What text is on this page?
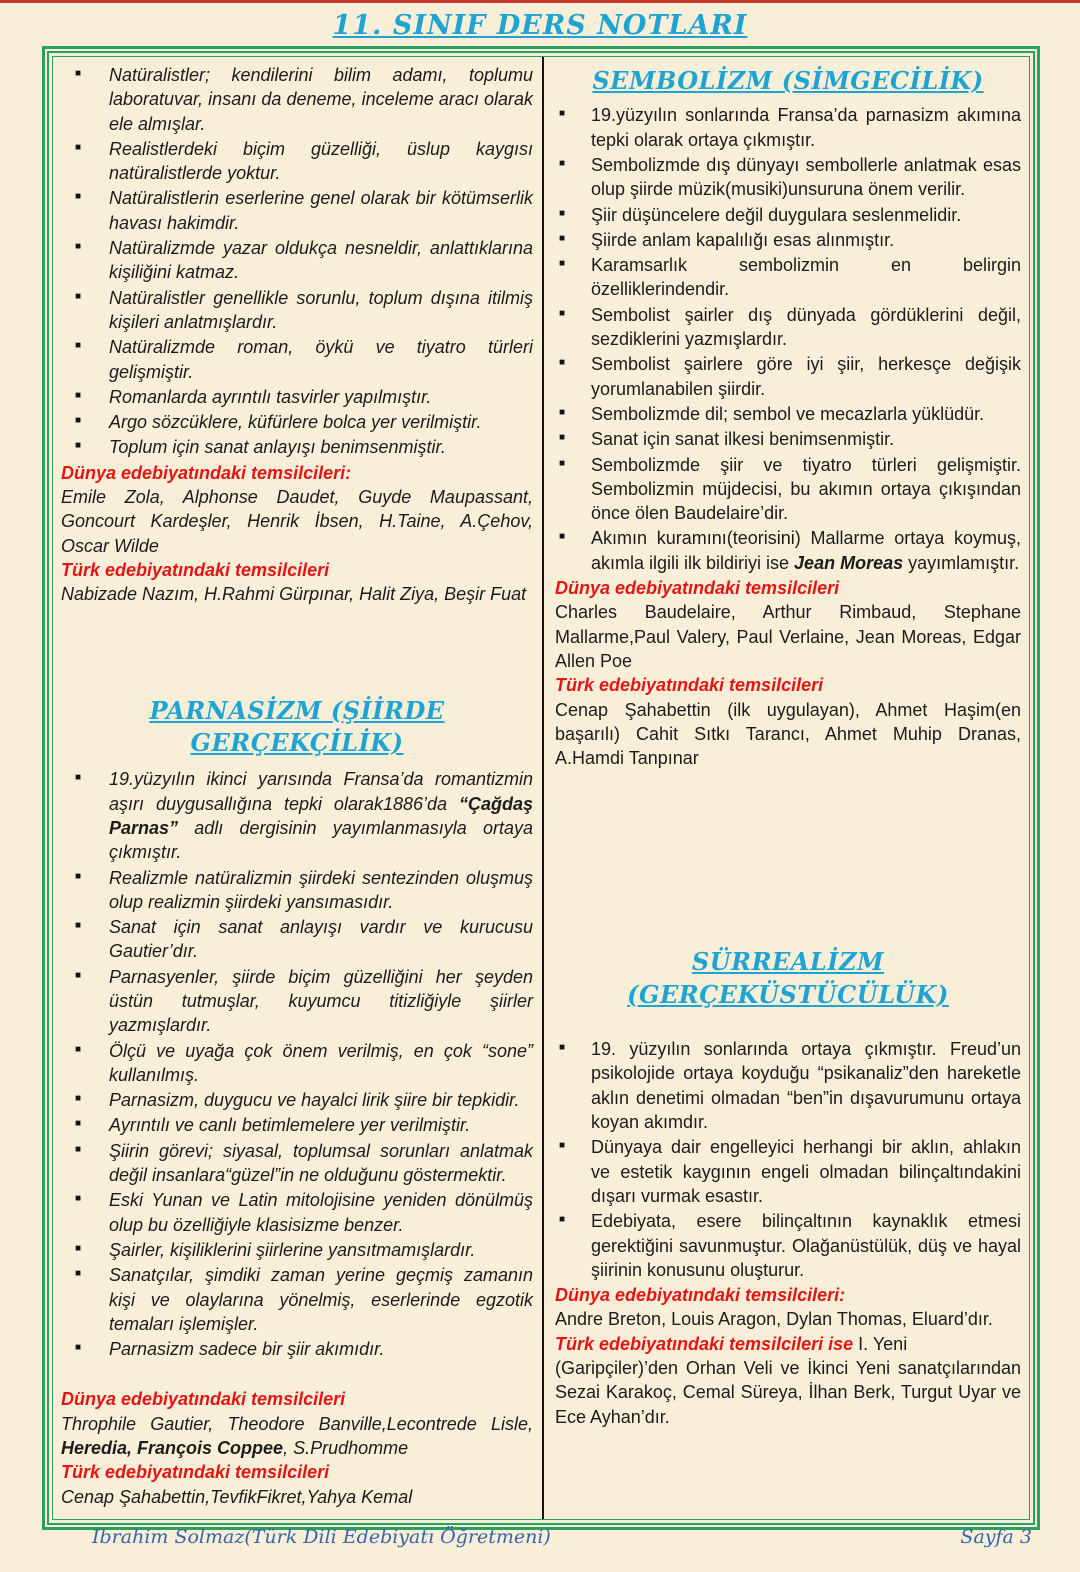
11. SINIF DERS NOTLARI
■ Natüralistler; kendilerini bilim adamı, toplumu laboratuvar, insanı da deneme, inceleme aracı olarak ele almışlar.
■ Realistlerdeki biçim güzelliği, üslup kaygısı natüralistlerde yoktur.
■ Natüralistlerin eserlerine genel olarak bir kötümserlik havası hakimdir.
■ Natüralizmde yazar oldukça nesneldir, anlattıklarına kişiliğini katmaz.
■ Natüralistler genellikle sorunlu, toplum dışına itilmiş kişileri anlatmışlardır.
■ Natüralizmde roman, öykü ve tiyatro türleri gelişmiştir.
■ Romanlarda ayrıntılı tasvirler yapılmıştır.
■ Argo sözcüklere, küfürlere bolca yer verilmiştir.
■ Toplum için sanat anlayışı benimsenmiştir.

Dünya edebiyatındaki temsilcileri:

Emile Zola, Alphonse Daudet, Guyde Maupassant, Goncourt Kardeşler, Henrik İbsen, H.Taine, A.Çehov, Oscar Wilde

Türk edebiyatındaki temsilcileri

Nabizade Nazım, H.Rahmi Gürpınar, Halit Ziya, Beşir Fuat

PARNASİZM (ŞİİRDE GERÇEKÇİLİK)
■ 19.yüzyılın ikinci yarısında Fransa’da romantizmin aşırı duygusallığına tepki olarak1886’da “Çağdaş Parnas” adlı dergisinin yayımlanmasıyla ortaya çıkmıştır.
■ Realizmle natüralizmin şiirdeki sentezinden oluşmuş olup realizmin şiirdeki yansımasıdır.
■ Sanat için sanat anlayışı vardır ve kurucusu Gautier’dır.
■ Parnasyenler, şiirde biçim güzelliğini her şeyden üstün tutmuşlar, kuyumcu titizliğiyle şiirler yazmışlardır.
■ Ölçü ve uyağa çok önem verilmiş, en çok “sone” kullanılmış.
■ Parnasizm, duygucu ve hayalci lirik şiire bir tepkidir.
■ Ayrıntılı ve canlı betimlemelere yer verilmiştir.
■ Şiirin görevi; siyasal, toplumsal sorunları anlatmak değil insanlara“güzel”in ne olduğunu göstermektir.
■ Eski Yunan ve Latin mitolojisine yeniden dönülmüş olup bu özelliğiyle klasisizme benzer.
■ Şairler, kişiliklerini şiirlerine yansıtmamışlardır.
■ Sanatçılar, şimdiki zaman yerine geçmiş zamanın kişi ve olaylarına yönelmiş, eserlerinde egzotik temaları işlemişler.
■ Parnasizm sadece bir şiir akımıdır.

Dünya edebiyatındaki temsilcileri

Throphile Gautier, Theodore Banville,Lecontrede Lisle, Heredia, François Coppee, S.Prudhomme

Türk edebiyatındaki temsilcileri

Cenap Şahabettin,TevfikFikret,Yahya Kemal

SEMBOLİZM (SİMGECİLİK)
■ 19.yüzyılın sonlarında Fransa’da parnasizm akımına tepki olarak ortaya çıkmıştır.
■ Sembolizmde dış dünyayı sembollerle anlatmak esas olup şiirde müzik(musiki)unsuruna önem verilir.
■ Şiir düşüncelere değil duygulara seslenmelidir.
■ Şiirde anlam kapalılığı esas alınmıştır.
■ Karamsarlık sembolizmin en belirgin özelliklerindendir.
■ Sembolist şairler dış dünyada gördüklerini değil, sezdiklerini yazmışlardır.
■ Sembolist şairlere göre iyi şiir, herkesçe değişik yorumlanabilen şiirdir.
■ Sembolizmde dil; sembol ve mecazlarla yüklüdür.
■ Sanat için sanat ilkesi benimsenmiştir.
■ Sembolizmde şiir ve tiyatro türleri gelişmiştir. Sembolizmin müjdecisi, bu akımın ortaya çıkışından önce ölen Baudelaire’dir.
■ Akımın kuramını(teorisini) Mallarme ortaya koymuş, akımla ilgili ilk bildiriyi ise Jean Moreas yayımlamıştır.

Dünya edebiyatındaki temsilcileri

Charles Baudelaire, Arthur Rimbaud, Stephane Mallarme,Paul Valery, Paul Verlaine, Jean Moreas, Edgar Allen Poe

Türk edebiyatındaki temsilcileri

Cenap Şahabettin (ilk uygulayan), Ahmet Haşim(en başarılı) Cahit Sıtkı Tarancı, Ahmet Muhip Dranas, A.Hamdi Tanpınar

SÜRREALİZM (GERÇEKÜSTÜCÜLÜK)
■ 19. yüzyılın sonlarında ortaya çıkmıştır. Freud’un psikolojide ortaya koyduğu “psikanaliz”den hareketle aklın denetimi olmadan “ben”in dışavurumunu ortaya koyan akımdır.
■ Dünyaya dair engelleyici herhangi bir aklın, ahlakın ve estetik kaygının engeli olmadan bilinçaltındakini dışarı vurmak esastır.
■ Edebiyata, esere bilinçaltının kaynaklık etmesi gerektiğini savunmuştur. Olağanüstülük, düş ve hayal şiirinin konusunu oluşturur.

Dünya edebiyatındaki temsilcileri:

Andre Breton, Louis Aragon, Dylan Thomas, Eluard’dır.

Türk edebiyatındaki temsilcileri ise I. Yeni

(Garipçiler)’den Orhan Veli ve İkinci Yeni sanatçılarından Sezai Karakoç, Cemal Süreya, İlhan Berk, Turgut Uyar ve Ece Ayhan’dır.

Ibrahim Solmaz(Türk Dili Edebiyatı Öğretmeni)	Sayfa 3
